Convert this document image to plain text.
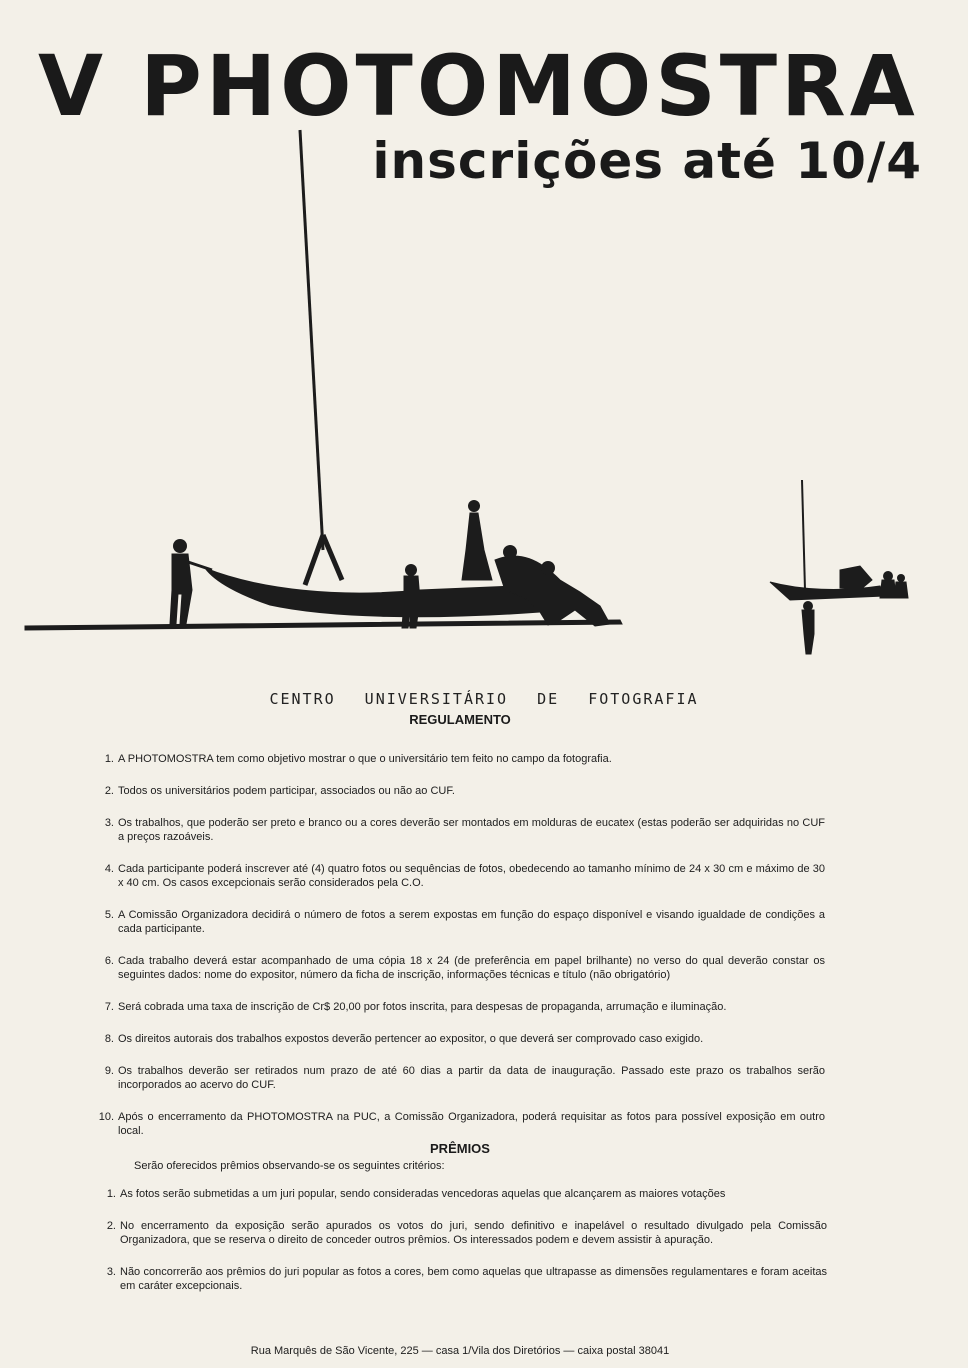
V PHOTOMOSTRA
inscrições até 10/4
CENTRO UNIVERSITÁRIO DE FOTOGRAFIA
REGULAMENTO
1. A PHOTOMOSTRA tem como objetivo mostrar o que o universitário tem feito no campo da fotografia.
2. Todos os universitários podem participar, associados ou não ao CUF.
3. Os trabalhos, que poderão ser preto e branco ou a cores deverão ser montados em molduras de eucatex (estas poderão ser adquiridas no CUF a preços razoáveis.
4. Cada participante poderá inscrever até (4) quatro fotos ou sequências de fotos, obedecendo ao tamanho mínimo de 24 x 30 cm e máximo de 30 x 40 cm. Os casos excepcionais serão considerados pela C.O.
5. A Comissão Organizadora decidirá o número de fotos a serem expostas em função do espaço disponível e visando igualdade de condições a cada participante.
6. Cada trabalho deverá estar acompanhado de uma cópia 18 x 24 (de preferência em papel brilhante) no verso do qual deverão constar os seguintes dados: nome do expositor, número da ficha de inscrição, informações técnicas e título (não obrigatório)
7. Será cobrada uma taxa de inscrição de Cr$ 20,00 por fotos inscrita, para despesas de propaganda, arrumação e iluminação.
8. Os direitos autorais dos trabalhos expostos deverão pertencer ao expositor, o que deverá ser comprovado caso exigido.
9. Os trabalhos deverão ser retirados num prazo de até 60 dias a partir da data de inauguração. Passado este prazo os trabalhos serão incorporados ao acervo do CUF.
10. Após o encerramento da PHOTOMOSTRA na PUC, a Comissão Organizadora, poderá requisitar as fotos para possível exposição em outro local.
PRÊMIOS
Serão oferecidos prêmios observando-se os seguintes critérios:
1. As fotos serão submetidas a um juri popular, sendo consideradas vencedoras aquelas que alcançarem as maiores votações
2. No encerramento da exposição serão apurados os votos do juri, sendo definitivo e inapelável o resultado divulgado pela Comissão Organizadora, que se reserva o direito de conceder outros prêmios. Os interessados podem e devem assistir à apuração.
3. Não concorrerão aos prêmios do juri popular as fotos a cores, bem como aquelas que ultrapasse as dimensões regulamentares e foram aceitas em caráter excepcionais.
Rua Marquês de São Vicente, 225 — casa 1/Vila dos Diretórios — caixa postal 38041
